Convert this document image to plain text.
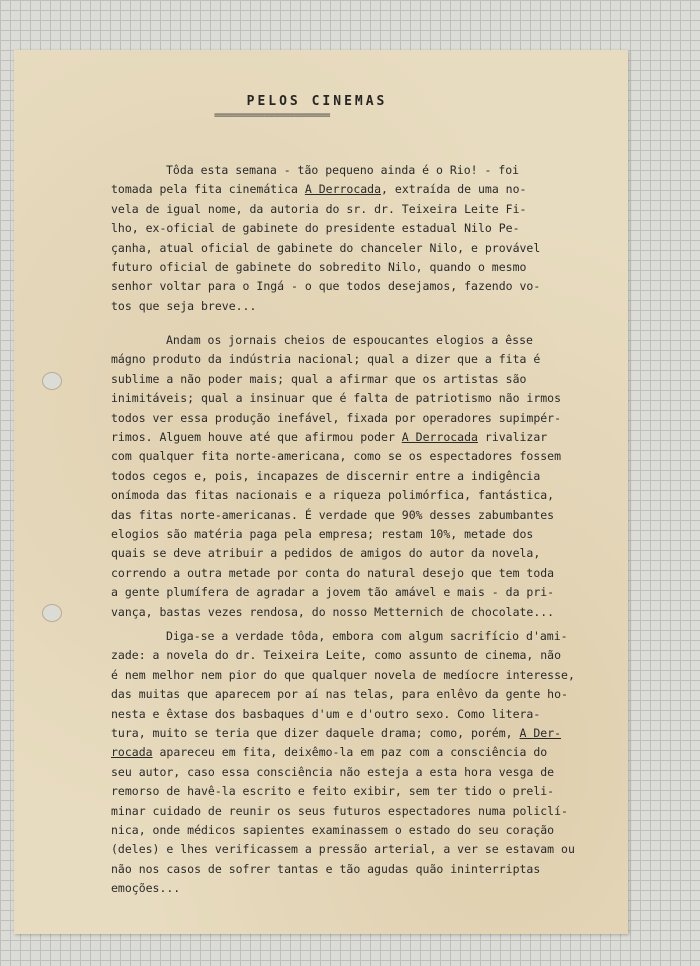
PELOS CINEMAS
=======================
Tôda esta semana - tão pequeno ainda é o Rio! - foi
tomada pela fita cinemática A Derrocada, extraída de uma no-
vela de igual nome, da autoria do sr. dr. Teixeira Leite Fi-
lho, ex-oficial de gabinete do presidente estadual Nilo Pe-
çanha, atual oficial de gabinete do chanceler Nilo, e provável
futuro oficial de gabinete do sobredito Nilo, quando o mesmo
senhor voltar para o Ingá - o que todos desejamos, fazendo vo-
tos que seja breve...
Andam os jornais cheios de espoucantes elogios a êsse
mágno produto da indústria nacional; qual a dizer que a fita é
sublime a não poder mais; qual a afirmar que os artistas são
inimitáveis; qual a insinuar que é falta de patriotismo não irmos
todos ver essa produção inefável, fixada por operadores supimpér-
rimos. Alguem houve até que afirmou poder A Derrocada rivalizar
com qualquer fita norte-americana, como se os espectadores fossem
todos cegos e, pois, incapazes de discernir entre a indigência
onímoda das fitas nacionais e a riqueza polimórfica, fantástica,
das fitas norte-americanas. É verdade que 90% desses zabumbantes
elogios são matéria paga pela empresa; restam 10%, metade dos
quais se deve atribuir a pedidos de amigos do autor da novela,
correndo a outra metade por conta do natural desejo que tem toda
a gente plumífera de agradar a jovem tão amável e mais - da pri-
vança, bastas vezes rendosa, do nosso Metternich de chocolate...
Diga-se a verdade tôda, embora com algum sacrifício d'ami-
zade: a novela do dr. Teixeira Leite, como assunto de cinema, não
é nem melhor nem pior do que qualquer novela de medíocre interesse,
das muitas que aparecem por aí nas telas, para enlêvo da gente ho-
nesta e êxtase dos basbaques d'um e d'outro sexo. Como litera-
tura, muito se teria que dizer daquele drama; como, porém, A Der-
rocada apareceu em fita, deixêmo-la em paz com a consciência do
seu autor, caso essa consciência não esteja a esta hora vesga de
remorso de havê-la escrito e feito exibir, sem ter tido o preli-
minar cuidado de reunir os seus futuros espectadores numa policlí-
nica, onde médicos sapientes examinassem o estado do seu coração
(deles) e lhes verificassem a pressão arterial, a ver se estavam ou
não nos casos de sofrer tantas e tão agudas quão ininterriptas
emoções...
